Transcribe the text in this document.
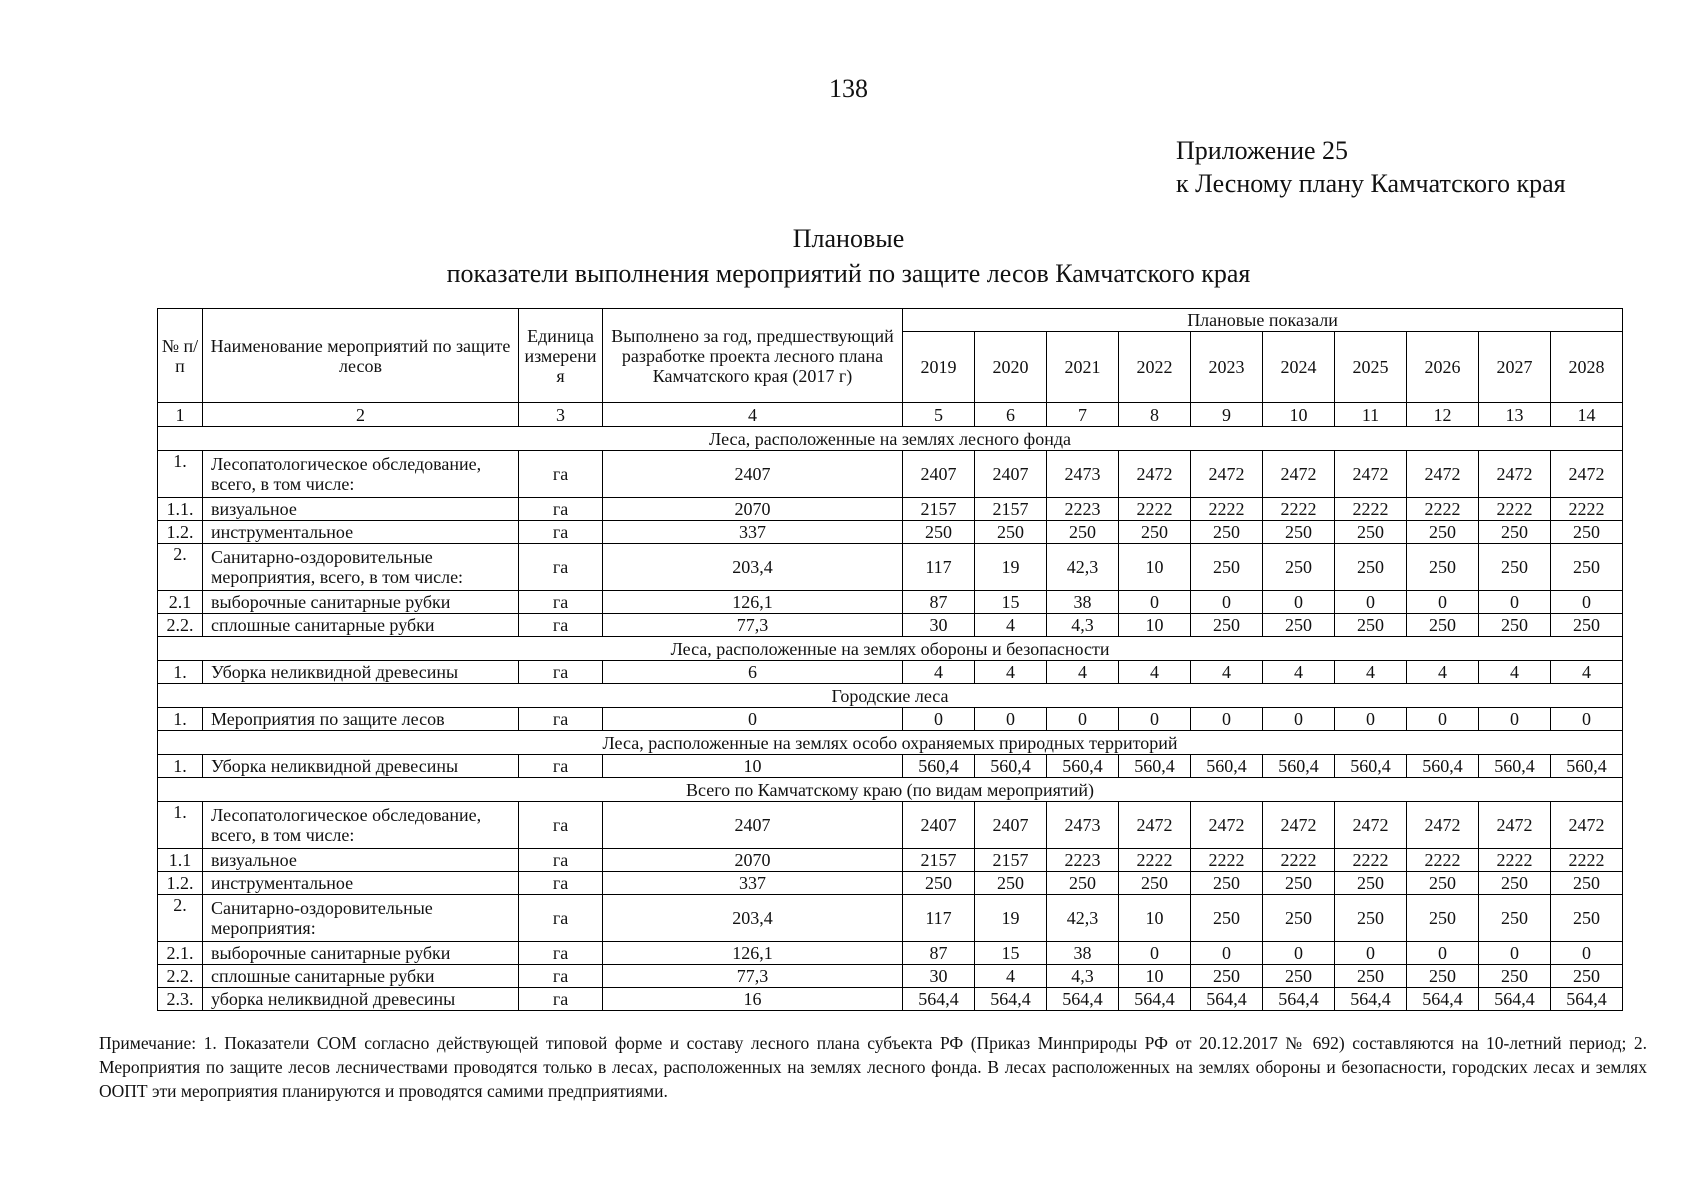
138
Приложение 25
к Лесному плану Камчатского края
Плановые
показатели выполнения мероприятий по защите лесов Камчатского края
№ п/п	Наименование мероприятий по защите лесов	Единица измерени я	Выполнено за год, предшествующий разработке проекта лесного плана Камчатского края (2017 г)	Плановые показали									
				2019	2020	2021	2022	2023	2024	2025	2026	2027	2028
1	2	3	4	5	6	7	8	9	10	11	12	13	14
Леса, расположенные на землях лесного фонда													
1.	Лесопатологическое обследование, всего, в том числе:	га	2407	2407	2407	2473	2472	2472	2472	2472	2472	2472	2472
1.1.	визуальное	га	2070	2157	2157	2223	2222	2222	2222	2222	2222	2222	2222
1.2.	инструментальное	га	337	250	250	250	250	250	250	250	250	250	250
2.	Санитарно-оздоровительные мероприятия, всего, в том числе:	га	203,4	117	19	42,3	10	250	250	250	250	250	250
2.1	выборочные санитарные рубки	га	126,1	87	15	38	0	0	0	0	0	0	0
2.2.	сплошные санитарные рубки	га	77,3	30	4	4,3	10	250	250	250	250	250	250
Леса, расположенные на землях обороны и безопасности													
1.	Уборка неликвидной древесины	га	6	4	4	4	4	4	4	4	4	4	4
Городские леса													
1.	Мероприятия по защите лесов	га	0	0	0	0	0	0	0	0	0	0	0
Леса, расположенные на землях особо охраняемых природных территорий													
1.	Уборка неликвидной древесины	га	10	560,4	560,4	560,4	560,4	560,4	560,4	560,4	560,4	560,4	560,4
Всего по Камчатскому краю (по видам мероприятий)													
1.	Лесопатологическое обследование, всего, в том числе:	га	2407	2407	2407	2473	2472	2472	2472	2472	2472	2472	2472
1.1	визуальное	га	2070	2157	2157	2223	2222	2222	2222	2222	2222	2222	2222
1.2.	инструментальное	га	337	250	250	250	250	250	250	250	250	250	250
2.	Санитарно-оздоровительные мероприятия:	га	203,4	117	19	42,3	10	250	250	250	250	250	250
2.1.	выборочные санитарные рубки	га	126,1	87	15	38	0	0	0	0	0	0	0
2.2.	сплошные санитарные рубки	га	77,3	30	4	4,3	10	250	250	250	250	250	250
2.3.	уборка неликвидной древесины	га	16	564,4	564,4	564,4	564,4	564,4	564,4	564,4	564,4	564,4	564,4
Примечание: 1. Показатели СОМ согласно действующей типовой форме и составу лесного плана субъекта РФ (Приказ Минприроды РФ от 20.12.2017 № 692) составляются на 10-летний период; 2. Мероприятия по защите лесов лесничествами проводятся только в лесах, расположенных на землях лесного фонда. В лесах расположенных на землях обороны и безопасности, городских лесах и землях ООПТ эти мероприятия планируются и проводятся самими предприятиями.
